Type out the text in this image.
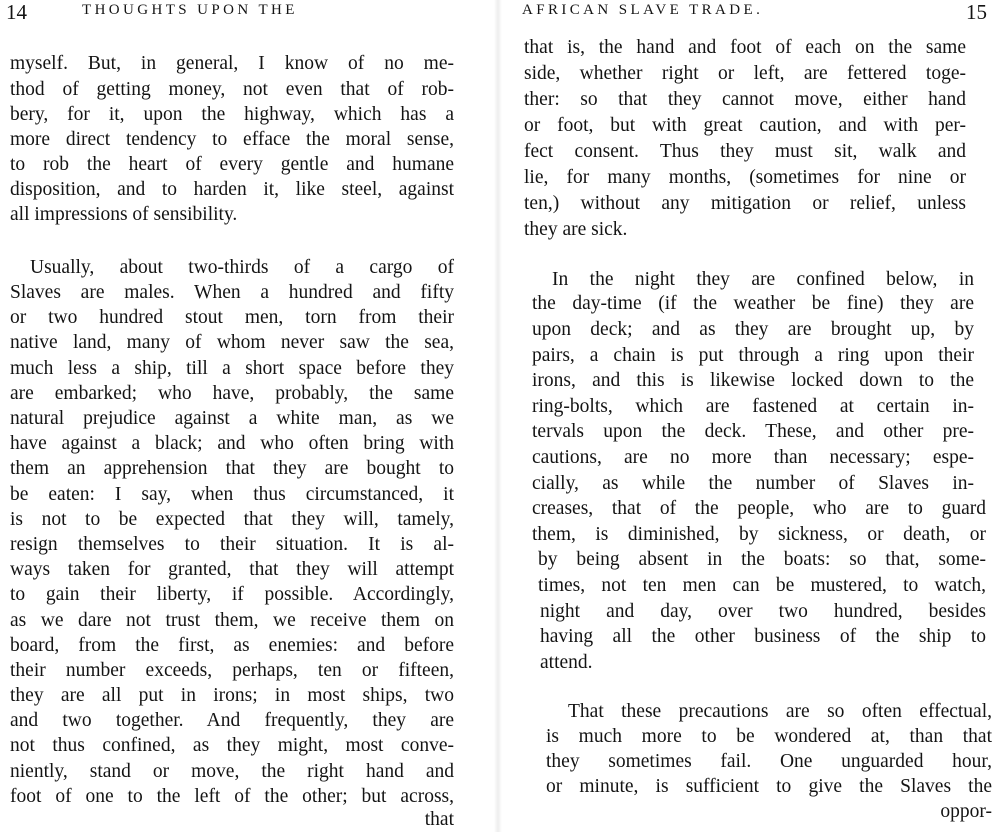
14	THOUGHTS UPON THE
myself. But, in general, I know of no me-
thod of getting money, not even that of rob-
bery, for it, upon the highway, which has a
more direct tendency to efface the moral sense,
to rob the heart of every gentle and humane
disposition, and to harden it, like steel, against
all impressions of sensibility.
Usually, about two-thirds of a cargo of
Slaves are males. When a hundred and fifty
or two hundred stout men, torn from their
native land, many of whom never saw the sea,
much less a ship, till a short space before they
are embarked; who have, probably, the same
natural prejudice against a white man, as we
have against a black; and who often bring with
them an apprehension that they are bought to
be eaten: I say, when thus circumstanced, it
is not to be expected that they will, tamely,
resign themselves to their situation. It is al-
ways taken for granted, that they will attempt
to gain their liberty, if possible. Accordingly,
as we dare not trust them, we receive them on
board, from the first, as enemies: and before
their number exceeds, perhaps, ten or fifteen,
they are all put in irons; in most ships, two
and two together. And frequently, they are
not thus confined, as they might, most conve-
niently, stand or move, the right hand and
foot of one to the left of the other; but across,
that
AFRICAN SLAVE TRADE.	15
that is, the hand and foot of each on the same
side, whether right or left, are fettered toge-
ther: so that they cannot move, either hand
or foot, but with great caution, and with per-
fect consent. Thus they must sit, walk and
lie, for many months, (sometimes for nine or
ten,) without any mitigation or relief, unless
they are sick.
In the night they are confined below, in
the day-time (if the weather be fine) they are
upon deck; and as they are brought up, by
pairs, a chain is put through a ring upon their
irons, and this is likewise locked down to the
ring-bolts, which are fastened at certain in-
tervals upon the deck. These, and other pre-
cautions, are no more than necessary; espe-
cially, as while the number of Slaves in-
creases, that of the people, who are to guard
them, is diminished, by sickness, or death, or
by being absent in the boats: so that, some-
times, not ten men can be mustered, to watch,
night and day, over two hundred, besides
having all the other business of the ship to
attend.
That these precautions are so often effectual,
is much more to be wondered at, than that
they sometimes fail. One unguarded hour,
or minute, is sufficient to give the Slaves the
oppor-
